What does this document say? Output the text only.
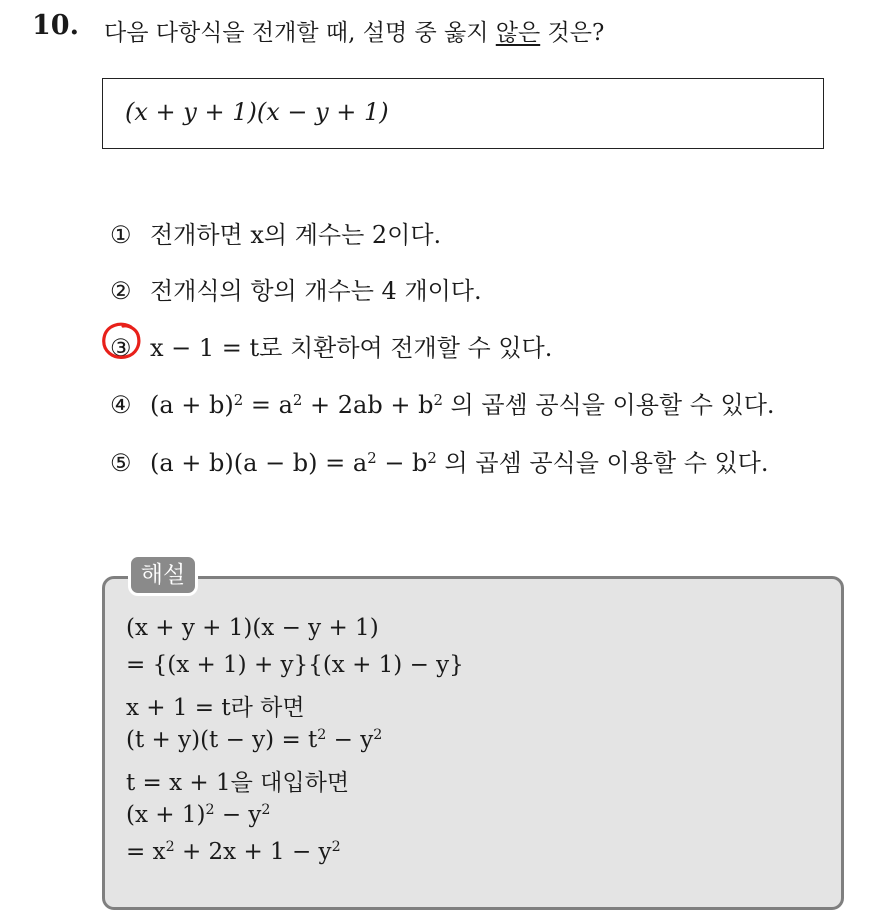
10. 다음 다항식을 전개할 때, 설명 중 옳지 않은 것은?
(x + y + 1)(x − y + 1)
① 전개하면 x의 계수는 2이다.
② 전개식의 항의 개수는 4 개이다.
③ x − 1 = t로 치환하여 전개할 수 있다.
④ $(a + b)^2 = a^2 + 2ab + b^2$ 의 곱셈 공식을 이용할 수 있다.
⑤ $(a + b)(a - b) = a^2 - b^2$ 의 곱셈 공식을 이용할 수 있다.
해설
(x + y + 1)(x − y + 1)
= {(x + 1) + y}{(x + 1) − y}
x + 1 = t라 하면
$(t + y)(t - y) = t^2 - y^2$
t = x + 1을 대입하면
$(x + 1)^2 - y^2$
= $x^2 + 2x + 1 - y^2$
